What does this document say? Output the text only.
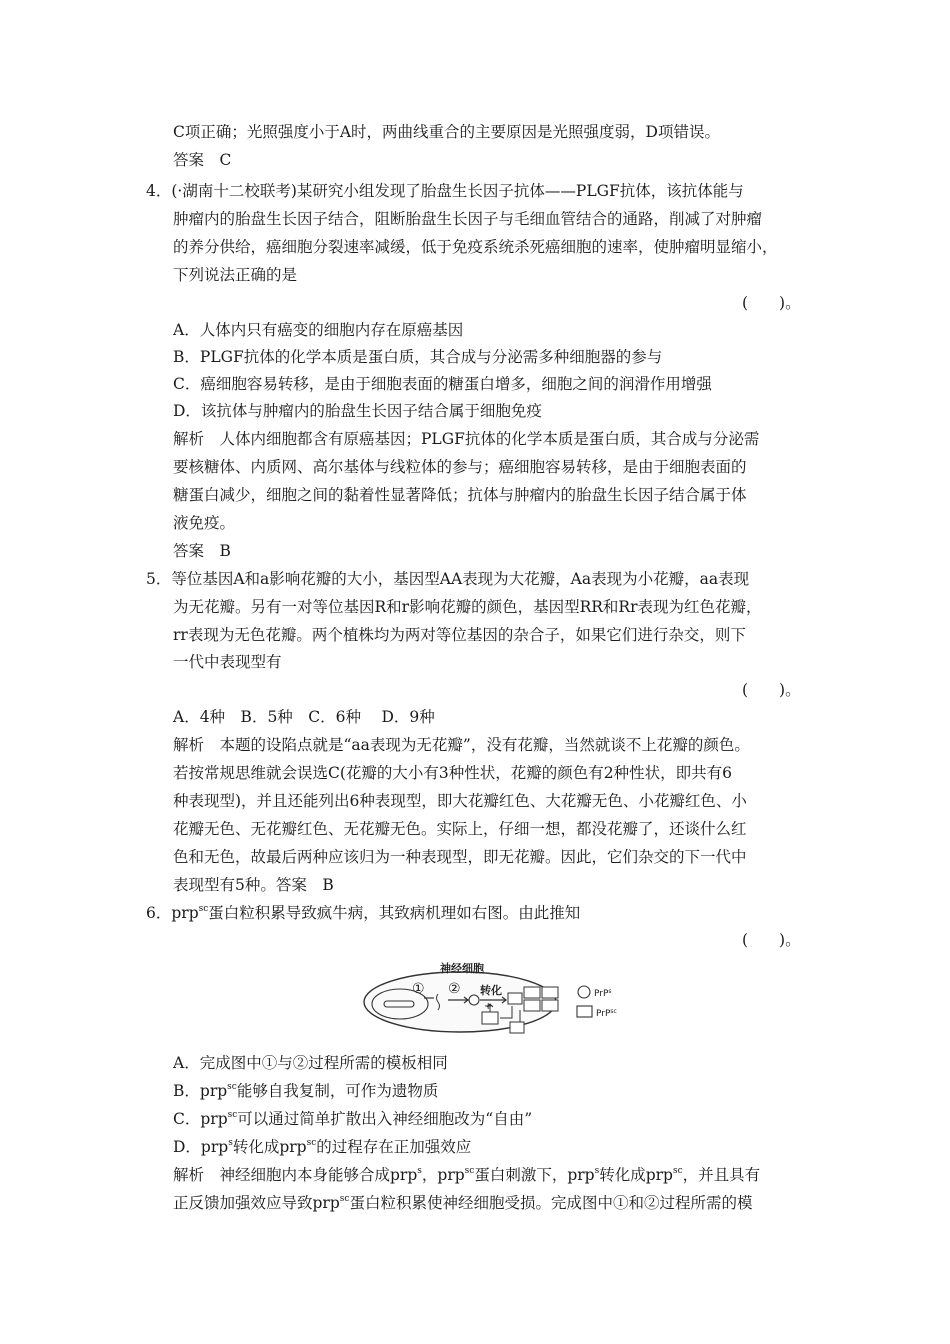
C项正确；光照强度小于A时，两曲线重合的主要原因是光照强度弱，D项错误。
答案　C
4．(·湖南十二校联考)某研究小组发现了胎盘生长因子抗体——PLGF抗体，该抗体能与
肿瘤内的胎盘生长因子结合，阻断胎盘生长因子与毛细血管结合的通路，削减了对肿瘤
的养分供给，癌细胞分裂速率减缓，低于免疫系统杀死癌细胞的速率，使肿瘤明显缩小，
下列说法正确的是
(　　)。
A．人体内只有癌变的细胞内存在原癌基因
B．PLGF抗体的化学本质是蛋白质，其合成与分泌需多种细胞器的参与
C．癌细胞容易转移，是由于细胞表面的糖蛋白增多，细胞之间的润滑作用增强
D．该抗体与肿瘤内的胎盘生长因子结合属于细胞免疫
解析　人体内细胞都含有原癌基因；PLGF抗体的化学本质是蛋白质，其合成与分泌需
要核糖体、内质网、高尔基体与线粒体的参与；癌细胞容易转移，是由于细胞表面的
糖蛋白减少，细胞之间的黏着性显著降低；抗体与肿瘤内的胎盘生长因子结合属于体
液免疫。
答案　B
5．等位基因A和a影响花瓣的大小，基因型AA表现为大花瓣，Aa表现为小花瓣，aa表现
为无花瓣。另有一对等位基因R和r影响花瓣的颜色，基因型RR和Rr表现为红色花瓣，
rr表现为无色花瓣。两个植株均为两对等位基因的杂合子，如果它们进行杂交，则下
一代中表现型有
(　　)。
A．4种　B．5种　C．6种　 D．9种
解析　本题的设陷点就是“aa表现为无花瓣”，没有花瓣，当然就谈不上花瓣的颜色。
若按常规思维就会误选C(花瓣的大小有3种性状，花瓣的颜色有2种性状，即共有6
种表现型)，并且还能列出6种表现型，即大花瓣红色、大花瓣无色、小花瓣红色、小
花瓣无色、无花瓣红色、无花瓣无色。实际上，仔细一想，都没花瓣了，还谈什么红
色和无色，故最后两种应该归为一种表现型，即无花瓣。因此，它们杂交的下一代中
表现型有5种。答案　B
6．prp$^{sc}$蛋白粒积累导致疯牛病，其致病机理如右图。由此推知
(　　)。
神经细胞
① ② 转化
+
PrP$^s$
PrP$^{sc}$
A．完成图中①与②过程所需的模板相同
B．prp$^{sc}$能够自我复制，可作为遗物质
C．prp$^{sc}$可以通过简单扩散出入神经细胞改为“自由”
D．prp$^s$转化成prp$^{sc}$的过程存在正加强效应
解析　神经细胞内本身能够合成prp$^s$，prp$^{sc}$蛋白刺激下，prp$^s$转化成prp$^{sc}$，并且具有
正反馈加强效应导致prp$^{sc}$蛋白粒积累使神经细胞受损。完成图中①和②过程所需的模
